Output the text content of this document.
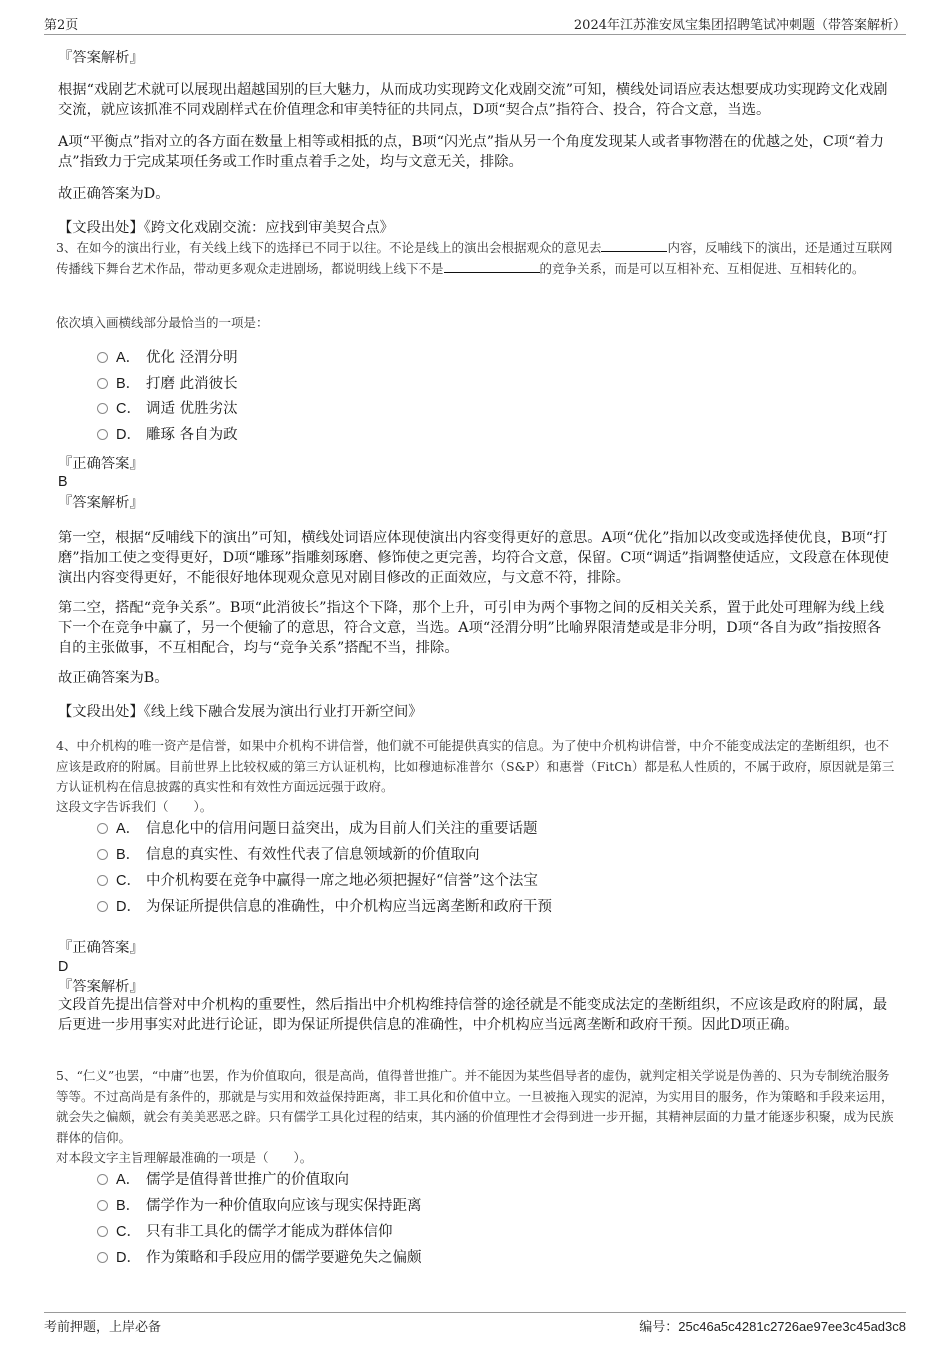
第2页	2024年江苏淮安凤宝集团招聘笔试冲刺题（带答案解析）

『答案解析』

根据“戏剧艺术就可以展现出超越国别的巨大魅力，从而成功实现跨文化戏剧交流”可知，横线处词语应表达想要成功实现跨文化戏剧交流，就应该抓准不同戏剧样式在价值理念和审美特征的共同点，D项“契合点”指符合、投合，符合文意，当选。

A项“平衡点”指对立的各方面在数量上相等或相抵的点，B项“闪光点”指从另一个角度发现某人或者事物潜在的优越之处，C项“着力点”指致力于完成某项任务或工作时重点着手之处，均与文意无关，排除。

故正确答案为D。

【文段出处】《跨文化戏剧交流：应找到审美契合点》

3、在如今的演出行业，有关线上线下的选择已不同于以往。不论是线上的演出会根据观众的意见去	内容，反哺线下的演出，还是通过互联网传播线下舞台艺术作品，带动更多观众走进剧场，都说明线上线下不是	的竞争关系，而是可以互相补充、互相促进、互相转化的。

依次填入画横线部分最恰当的一项是：

A． 优化 泾渭分明
B． 打磨 此消彼长
C． 调适 优胜劣汰
D． 雕琢 各自为政

『正确答案』

B

『答案解析』

第一空，根据“反哺线下的演出”可知，横线处词语应体现使演出内容变得更好的意思。A项“优化”指加以改变或选择使优良，B项“打磨”指加工使之变得更好，D项“雕琢”指雕刻琢磨、修饰使之更完善，均符合文意，保留。C项“调适”指调整使适应，文段意在体现使演出内容变得更好，不能很好地体现观众意见对剧目修改的正面效应，与文意不符，排除。

第二空，搭配“竞争关系”。B项“此消彼长”指这个下降，那个上升，可引申为两个事物之间的反相关关系，置于此处可理解为线上线下一个在竞争中赢了，另一个便输了的意思，符合文意，当选。A项“泾渭分明”比喻界限清楚或是非分明，D项“各自为政”指按照各自的主张做事，不互相配合，均与“竞争关系”搭配不当，排除。

故正确答案为B。

【文段出处】《线上线下融合发展为演出行业打开新空间》

4、中介机构的唯一资产是信誉，如果中介机构不讲信誉，他们就不可能提供真实的信息。为了使中介机构讲信誉，中介不能变成法定的垄断组织，也不应该是政府的附属。目前世界上比较权威的第三方认证机构，比如穆迪标准普尔（S&P）和惠誉（FitCh）都是私人性质的，不属于政府，原因就是第三方认证机构在信息披露的真实性和有效性方面远远强于政府。

这段文字告诉我们（　　）。

A． 信息化中的信用问题日益突出，成为目前人们关注的重要话题
B． 信息的真实性、有效性代表了信息领域新的价值取向
C． 中介机构要在竞争中赢得一席之地必须把握好“信誉”这个法宝
D． 为保证所提供信息的准确性，中介机构应当远离垄断和政府干预

『正确答案』

D

『答案解析』

文段首先提出信誉对中介机构的重要性，然后指出中介机构维持信誉的途径就是不能变成法定的垄断组织，不应该是政府的附属，最后更进一步用事实对此进行论证，即为保证所提供信息的准确性，中介机构应当远离垄断和政府干预。因此D项正确。

5、“仁义”也罢，“中庸”也罢，作为价值取向，很是高尚，值得普世推广。并不能因为某些倡导者的虚伪，就判定相关学说是伪善的、只为专制统治服务等等。不过高尚是有条件的，那就是与实用和效益保持距离，非工具化和价值中立。一旦被拖入现实的泥淖，为实用目的服务，作为策略和手段来运用，就会失之偏颇，就会有美美恶恶之辟。只有儒学工具化过程的结束，其内涵的价值理性才会得到进一步开掘，其精神层面的力量才能逐步积聚，成为民族群体的信仰。

对本段文字主旨理解最准确的一项是（　　）。

A． 儒学是值得普世推广的价值取向
B． 儒学作为一种价值取向应该与现实保持距离
C． 只有非工具化的儒学才能成为群体信仰
D． 作为策略和手段应用的儒学要避免失之偏颇
考前押题，上岸必备	编号：25c46a5c4281c2726ae97ee3c45ad3c8
